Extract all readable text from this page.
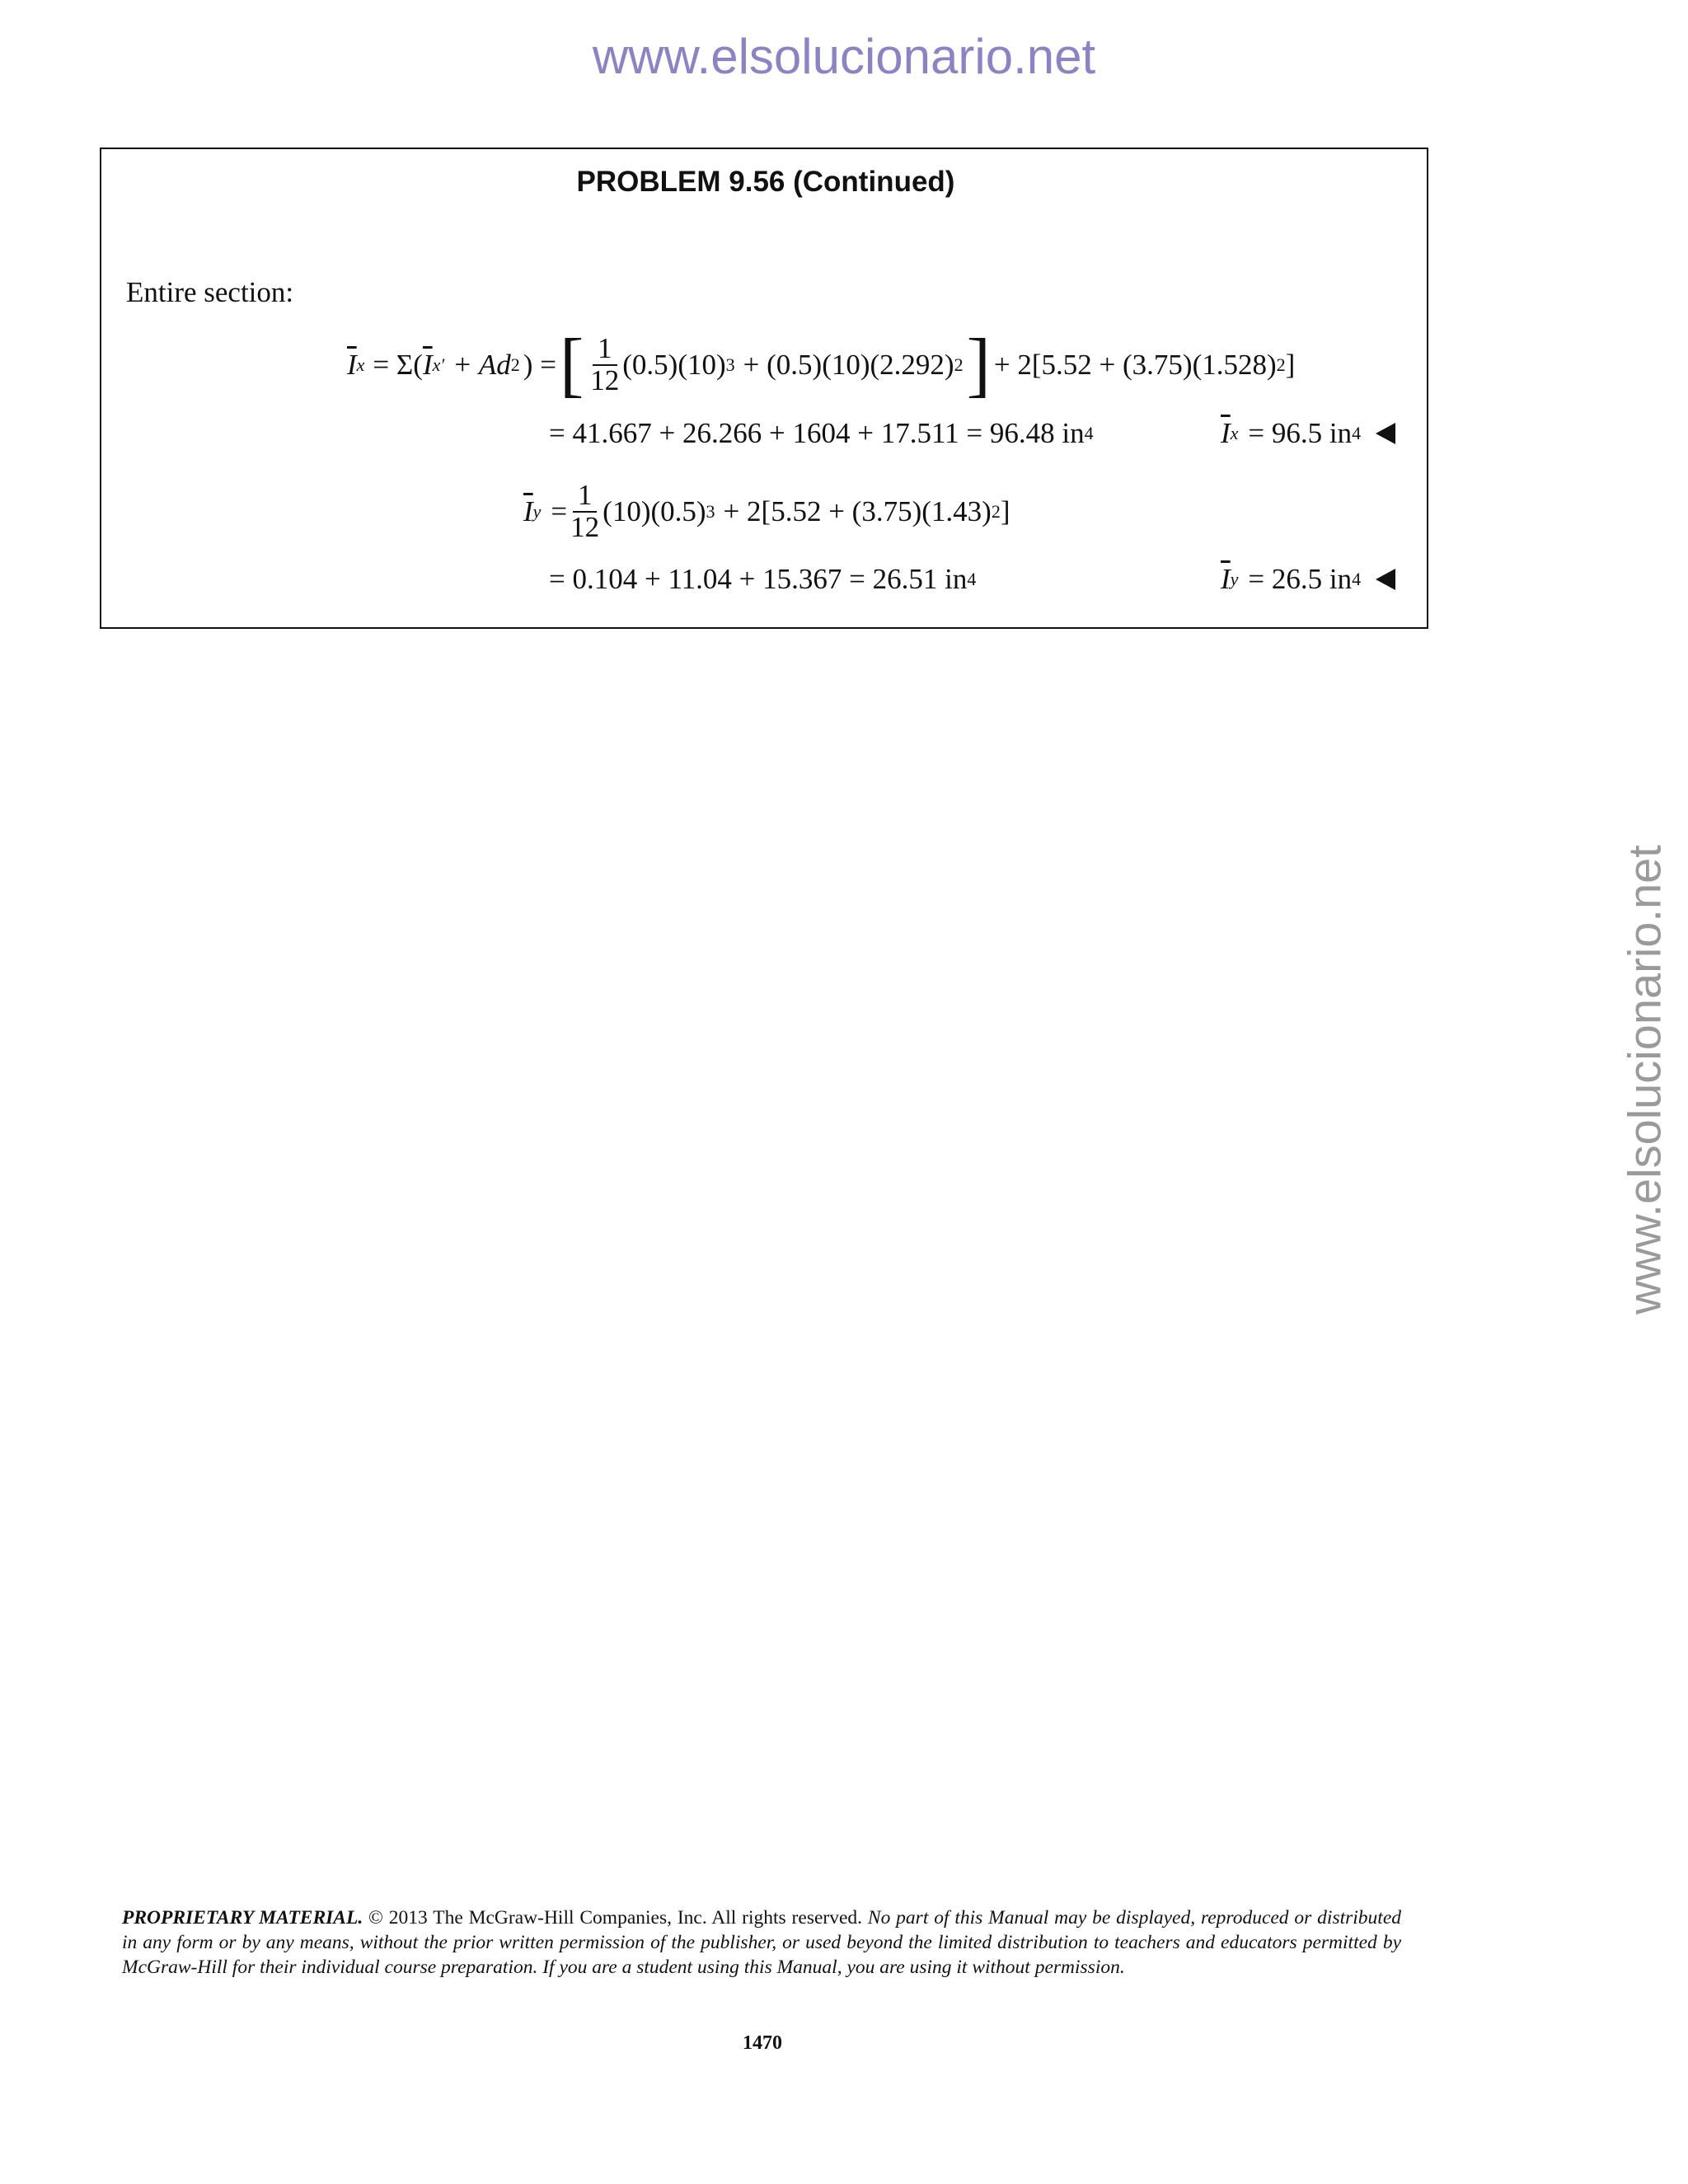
www.elsolucionario.net
www.elsolucionario.net
PROBLEM 9.56 (Continued)
Entire section:
$\overline{I}$ x = Σ( $\overline{I}$ x′ + Ad 2 ) = [ $\frac{1}{12} (0.5)(10) 3 + (0.5)(10)(2.292)$ 2 ] + 2[5.52 + (3.75)(1.528) 2 ]
= 41.667 + 26.266 + 1604 + 17.511 = 96.48 in 4	$\overline{I}$ x = 96.5 in 4
$\overline{I}$ $y = \frac{1}{12} (10)(0.5) 3 + 2[5.52 + (3.75)(1.43)$ 2 ]
= 0.104 + 11.04 + 15.367 = 26.51 in 4	$\overline{I}$ y = 26.5 in 4
PROPRIETARY MATERIAL. © 2013 The McGraw-Hill Companies, Inc. All rights reserved. No part of this Manual may be displayed, reproduced or distributed in any form or by any means, without the prior written permission of the publisher, or used beyond the limited distribution to teachers and educators permitted by McGraw-Hill for their individual course preparation. If you are a student using this Manual, you are using it without permission.
1470
